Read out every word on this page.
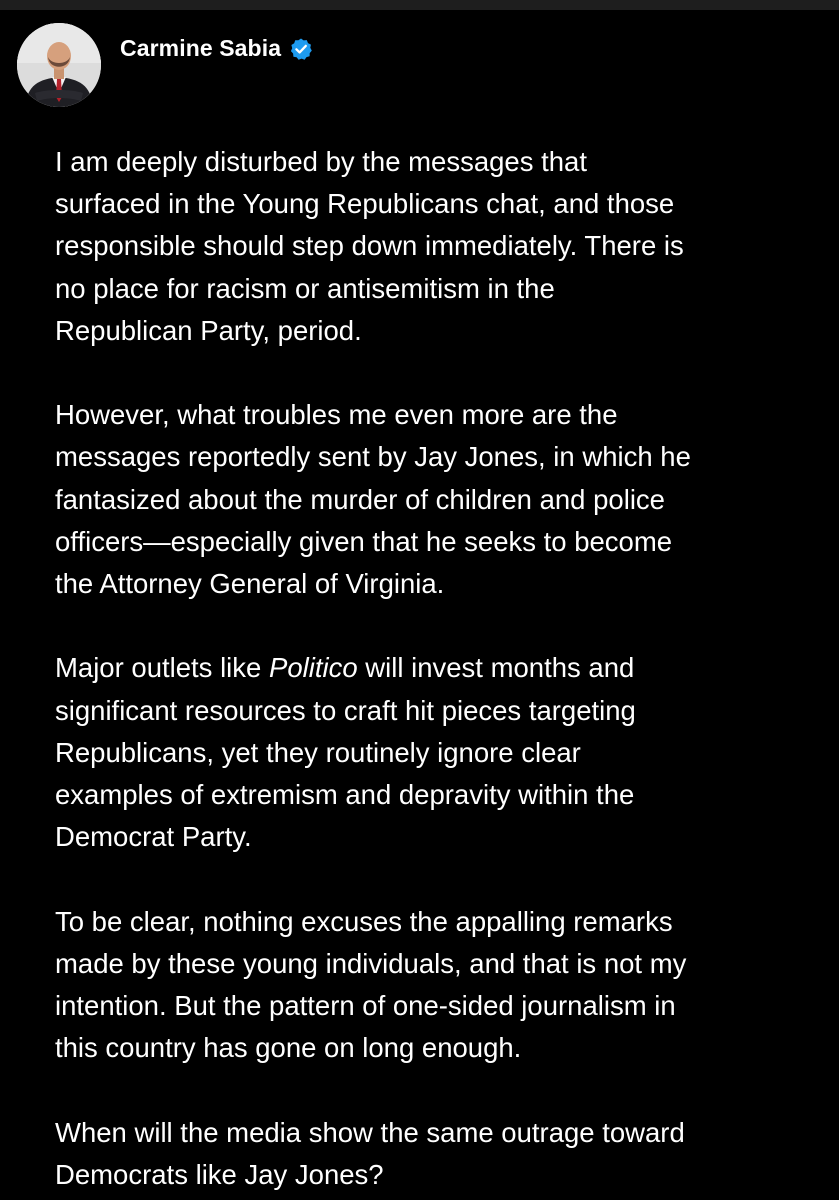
Carmine Sabia

I am deeply disturbed by the messages that
surfaced in the Young Republicans chat, and those
responsible should step down immediately. There is
no place for racism or antisemitism in the
Republican Party, period.

However, what troubles me even more are the
messages reportedly sent by Jay Jones, in which he
fantasized about the murder of children and police
officers—especially given that he seeks to become
the Attorney General of Virginia.

Major outlets like Politico will invest months and
significant resources to craft hit pieces targeting
Republicans, yet they routinely ignore clear
examples of extremism and depravity within the
Democrat Party.

To be clear, nothing excuses the appalling remarks
made by these young individuals, and that is not my
intention. But the pattern of one-sided journalism in
this country has gone on long enough.

When will the media show the same outrage toward
Democrats like Jay Jones?
